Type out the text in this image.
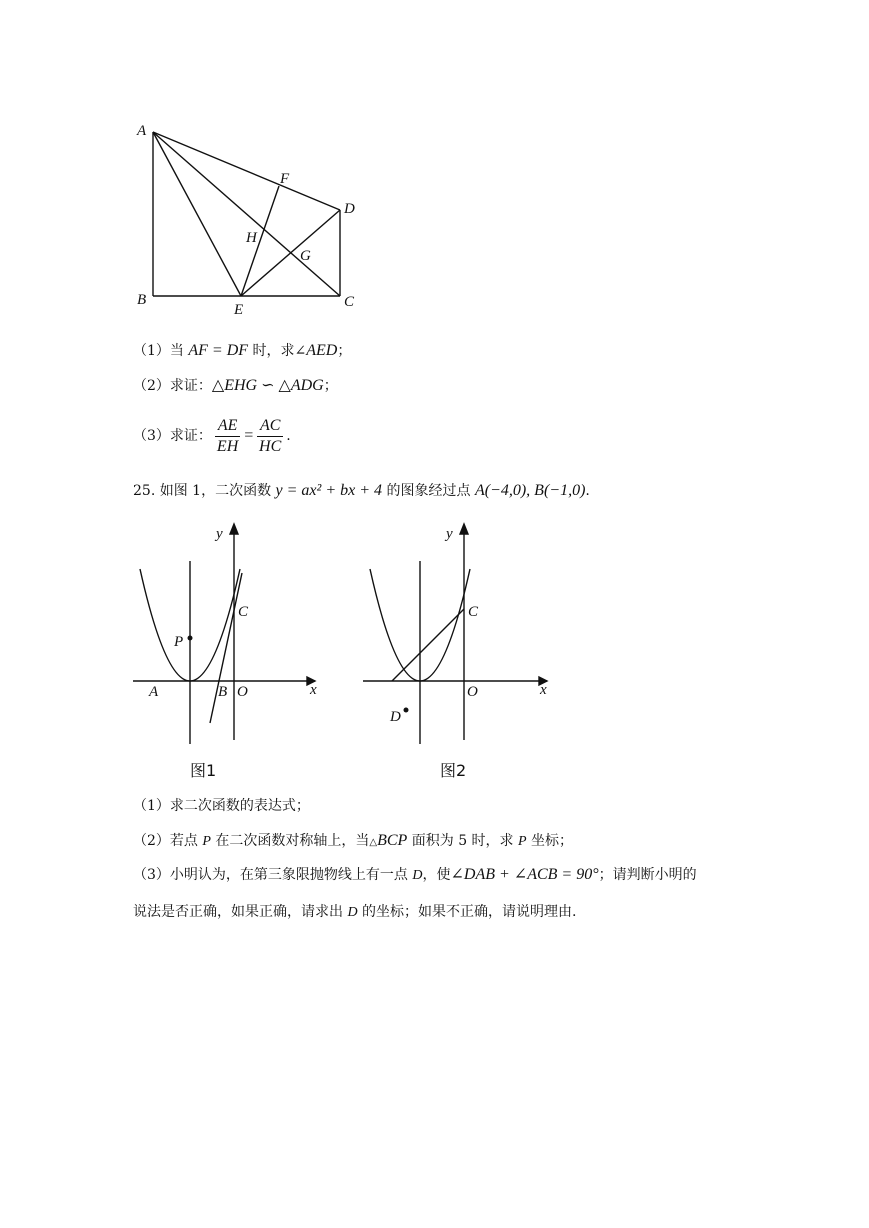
A
B	C
D
E
F
G
H
（1）当 AF = DF 时，求∠AED；
（2）求证：△EHG ∽ △ADG；
（3）求证： $\frac{AE}{EH} = \frac{AC}{HC}$ .
25. 如图 1，二次函数 y = ax² + bx + 4 的图象经过点 A(−4,0), B(−1,0).
y
x
O
A	B
C
P
图1
y
x
O
C
D
图2
（1）求二次函数的表达式；
（2）若点 P 在二次函数对称轴上，当△BCP 面积为 5 时，求 P 坐标；
（3）小明认为，在第三象限抛物线上有一点 D，使∠DAB + ∠ACB = 90°；请判断小明的
说法是否正确，如果正确，请求出 D 的坐标；如果不正确，请说明理由.
